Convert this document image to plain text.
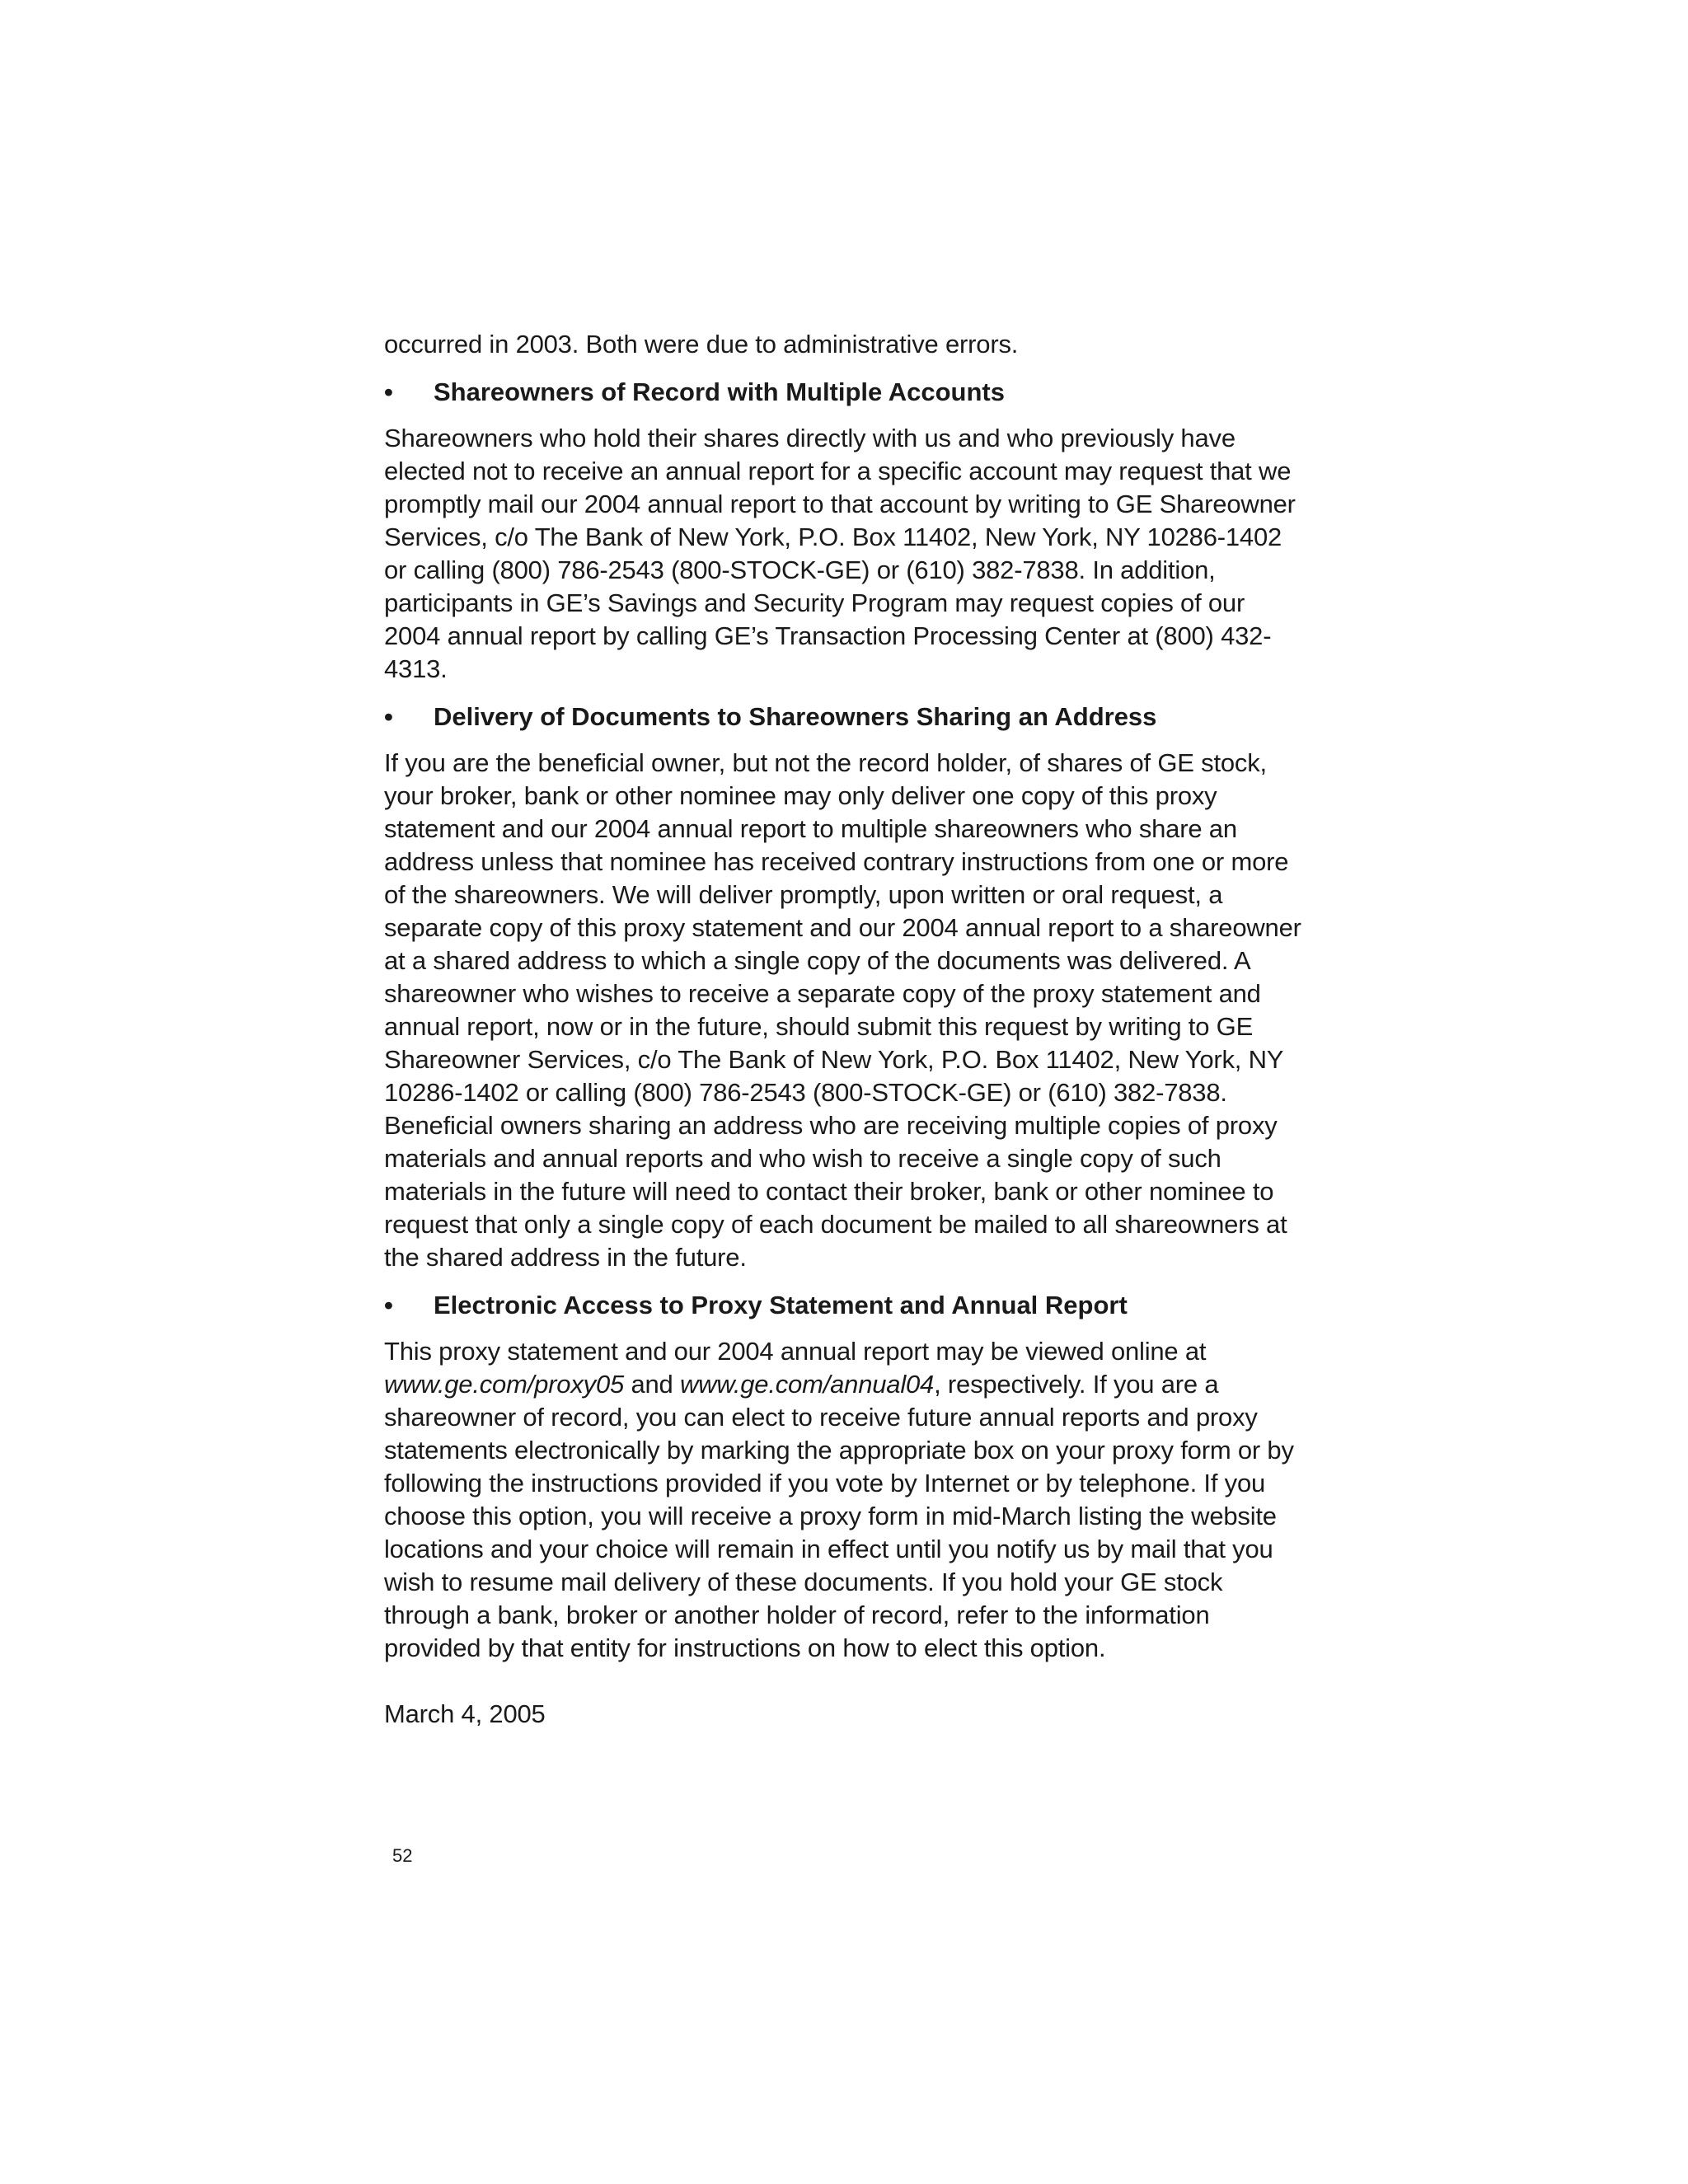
occurred in 2003. Both were due to administrative errors.

•	Shareowners of Record with Multiple Accounts

Shareowners who hold their shares directly with us and who previously have elected not to receive an annual report for a specific account may request that we promptly mail our 2004 annual report to that account by writing to GE Shareowner Services, c/o The Bank of New York, P.O. Box 11402, New York, NY 10286-1402 or calling (800) 786-2543 (800-STOCK-GE) or (610) 382-7838. In addition, participants in GE’s Savings and Security Program may request copies of our 2004 annual report by calling GE’s Transaction Processing Center at (800) 432-4313.

•	Delivery of Documents to Shareowners Sharing an Address

If you are the beneficial owner, but not the record holder, of shares of GE stock, your broker, bank or other nominee may only deliver one copy of this proxy statement and our 2004 annual report to multiple shareowners who share an address unless that nominee has received contrary instructions from one or more of the shareowners. We will deliver promptly, upon written or oral request, a separate copy of this proxy statement and our 2004 annual report to a shareowner at a shared address to which a single copy of the documents was delivered. A shareowner who wishes to receive a separate copy of the proxy statement and annual report, now or in the future, should submit this request by writing to GE Shareowner Services, c/o The Bank of New York, P.O. Box 11402, New York, NY 10286-1402 or calling (800) 786-2543 (800-STOCK-GE) or (610) 382-7838. Beneficial owners sharing an address who are receiving multiple copies of proxy materials and annual reports and who wish to receive a single copy of such materials in the future will need to contact their broker, bank or other nominee to request that only a single copy of each document be mailed to all shareowners at the shared address in the future.

•	Electronic Access to Proxy Statement and Annual Report

This proxy statement and our 2004 annual report may be viewed online at www.ge.com/proxy05 and www.ge.com/annual04, respectively. If you are a shareowner of record, you can elect to receive future annual reports and proxy statements electronically by marking the appropriate box on your proxy form or by following the instructions provided if you vote by Internet or by telephone. If you choose this option, you will receive a proxy form in mid-March listing the website locations and your choice will remain in effect until you notify us by mail that you wish to resume mail delivery of these documents. If you hold your GE stock through a bank, broker or another holder of record, refer to the information provided by that entity for instructions on how to elect this option.

March 4, 2005

52
